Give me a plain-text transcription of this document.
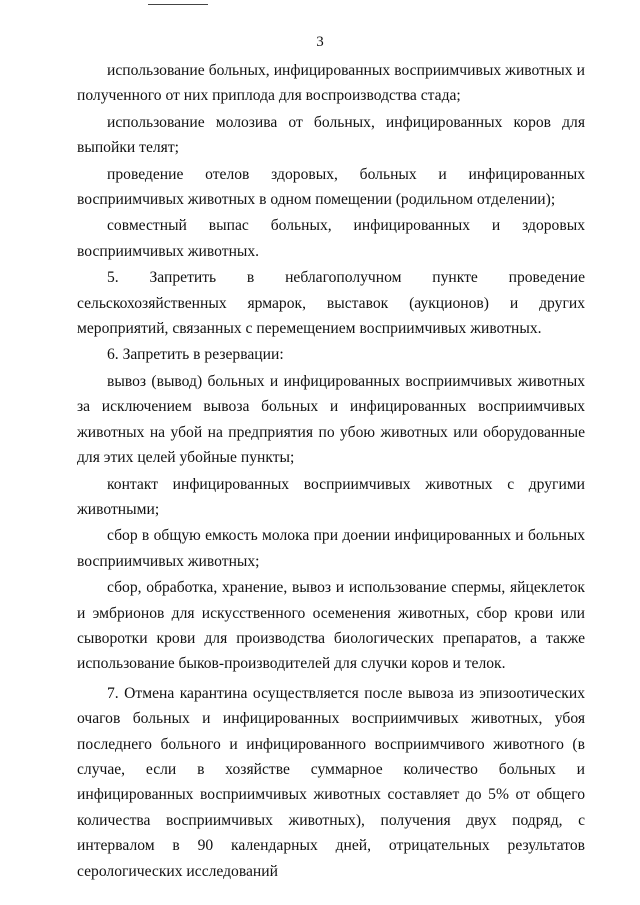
3

использование больных, инфицированных восприимчивых животных и полученного от них приплода для воспроизводства стада;

использование молозива от больных, инфицированных коров для выпойки телят;

проведение отелов здоровых, больных и инфицированных восприимчивых животных в одном помещении (родильном отделении);

совместный выпас больных, инфицированных и здоровых восприимчивых животных.

5. Запретить в неблагополучном пункте проведение сельскохозяйственных ярмарок, выставок (аукционов) и других мероприятий, связанных с перемещением восприимчивых животных.

6. Запретить в резервации:

вывоз (вывод) больных и инфицированных восприимчивых животных за исключением вывоза больных и инфицированных восприимчивых животных на убой на предприятия по убою животных или оборудованные для этих целей убойные пункты;

контакт инфицированных восприимчивых животных с другими животными;

сбор в общую емкость молока при доении инфицированных и больных восприимчивых животных;

сбор, обработка, хранение, вывоз и использование спермы, яйцеклеток и эмбрионов для искусственного осеменения животных, сбор крови или сыворотки крови для производства биологических препаратов, а также использование быков-производителей для случки коров и телок.

7. Отмена карантина осуществляется после вывоза из эпизоотических очагов больных и инфицированных восприимчивых животных, убоя последнего больного и инфицированного восприимчивого животного (в случае, если в хозяйстве суммарное количество больных и инфицированных восприимчивых животных составляет до 5% от общего количества восприимчивых животных), получения двух подряд, с интервалом в 90 календарных дней, отрицательных результатов серологических исследований
